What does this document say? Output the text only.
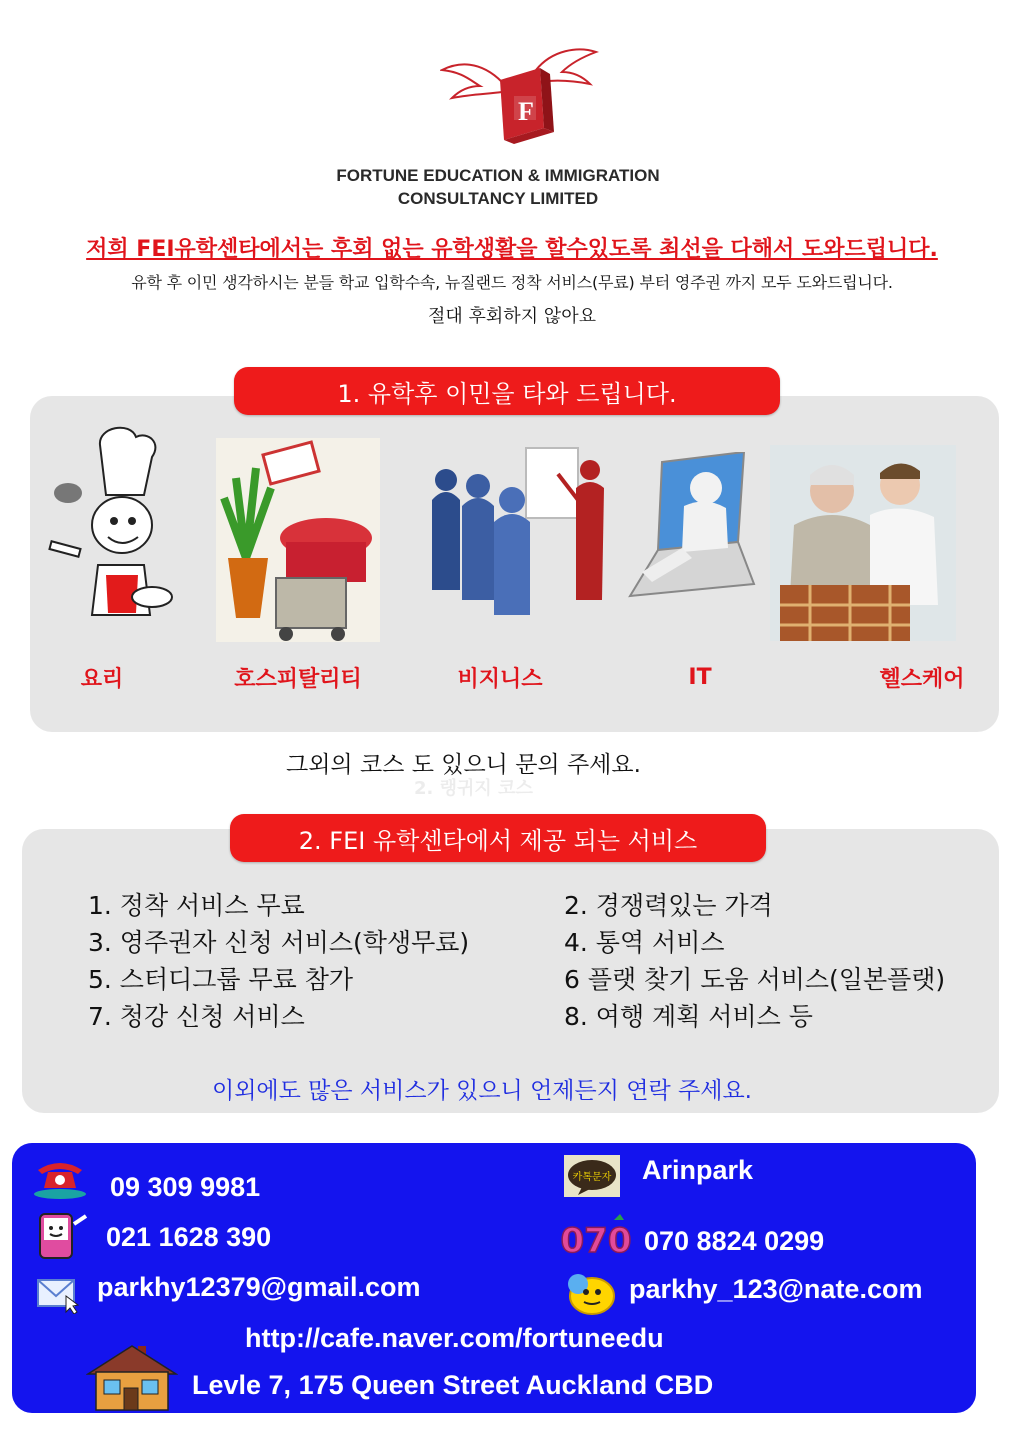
F
FORTUNE EDUCATION & IMMIGRATION
CONSULTANCY LIMITED
저희 FEI유학센타에서는 후회 없는 유학생활을 할수있도록 최선을 다해서 도와드립니다.
유학 후 이민 생각하시는 분들 학교 입학수속, 뉴질랜드 정착 서비스(무료) 부터 영주권 까지 모두 도와드립니다.
절대 후회하지 않아요
1. 유학후 이민을 타와 드립니다.
요리	호스피탈리티	비지니스	IT	헬스케어
그외의 코스 도 있으니 문의 주세요.
2. 랭귀지 코스
2. FEI 유학센타에서 제공 되는 서비스
1. 정착 서비스 무료
3. 영주권자 신청 서비스(학생무료)
5. 스터디그룹 무료 참가
7. 청강 신청 서비스
2. 경쟁력있는 가격
4. 통역 서비스
6 플랫 찾기 도움 서비스(일본플랫)
8. 여행 계획 서비스 등
이외에도 많은 서비스가 있으니 언제든지 연락 주세요.
09 309 9981
021 1628 390
parkhy12379@gmail.com
카톡문자 Arinpark
070 070 8824 0299
parkhy_123@nate.com
http://cafe.naver.com/fortuneedu
Levle 7, 175 Queen Street Auckland CBD
